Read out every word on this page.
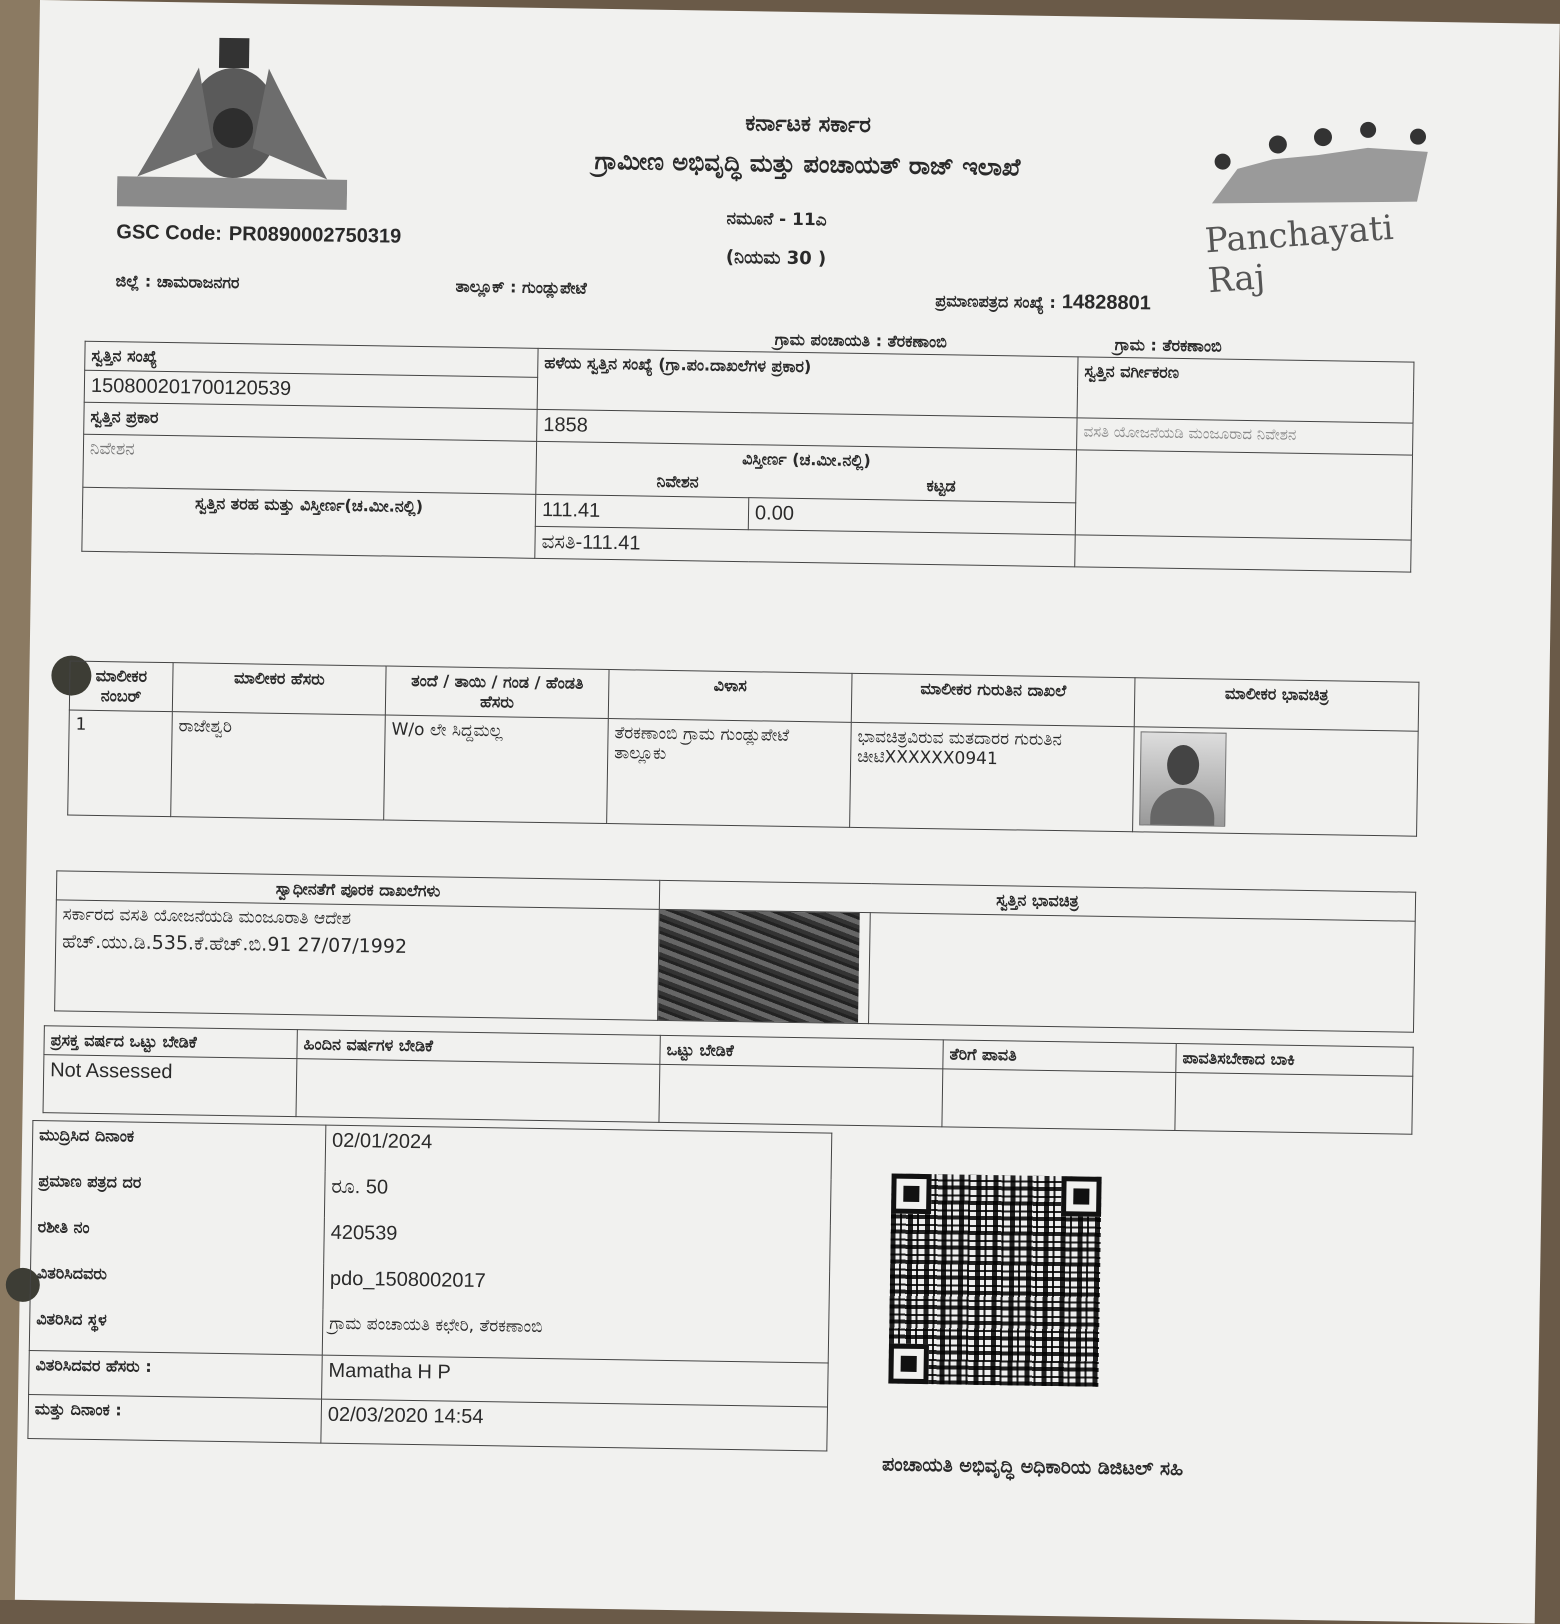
Panchayati Raj
ಕರ್ನಾಟಕ ಸರ್ಕಾರ
ಗ್ರಾಮೀಣ ಅಭಿವೃದ್ಧಿ ಮತ್ತು ಪಂಚಾಯತ್ ರಾಜ್ ಇಲಾಖೆ
ನಮೂನೆ - 11ಎ
(ನಿಯಮ 30 )
GSC Code: PR0890002750319
ಜಿಲ್ಲೆ : ಚಾಮರಾಜನಗರ	ತಾಲ್ಲೂಕ್ : ಗುಂಡ್ಲುಪೇಟೆ
ಪ್ರಮಾಣಪತ್ರದ ಸಂಖ್ಯೆ : 14828801
ಗ್ರಾಮ ಪಂಚಾಯತಿ : ತೆರಕಣಾಂಬಿ	ಗ್ರಾಮ : ತೆರಕಣಾಂಬಿ
ಸ್ವತ್ತಿನ ಸಂಖ್ಯೆ	ಹಳೆಯ ಸ್ವತ್ತಿನ ಸಂಖ್ಯೆ (ಗ್ರಾ.ಪಂ.ದಾಖಲೆಗಳ ಪ್ರಕಾರ)		ಸ್ವತ್ತಿನ ವರ್ಗೀಕರಣ
150800201700120539			
ಸ್ವತ್ತಿನ ಪ್ರಕಾರ	1858		ವಸತಿ ಯೋಜನೆಯಡಿ ಮಂಜೂರಾದ ನಿವೇಶನ
ನಿವೇಶನ	ವಿಸ್ತೀರ್ಣ (ಚ.ಮೀ.ನಲ್ಲಿ)
ನಿವೇಶನ ಕಟ್ಟಡ		

ಸ್ವತ್ತಿನ ತರಹ ಮತ್ತು ವಿಸ್ತೀರ್ಣ(ಚ.ಮೀ.ನಲ್ಲಿ)	111.41	0.00	
	ವಸತಿ-111.41		
ಮಾಲೀಕರ ನಂಬರ್	ಮಾಲೀಕರ ಹೆಸರು	ತಂದೆ / ತಾಯಿ / ಗಂಡ / ಹೆಂಡತಿ ಹೆಸರು	ವಿಳಾಸ	ಮಾಲೀಕರ ಗುರುತಿನ ದಾಖಲೆ	ಮಾಲೀಕರ ಭಾವಚಿತ್ರ
1	ರಾಜೇಶ್ವರಿ	W/o ಲೇ ಸಿದ್ದಮಲ್ಲ	ತೆರಕಣಾಂಬಿ ಗ್ರಾಮ ಗುಂಡ್ಲುಪೇಟೆ ತಾಲ್ಲೂಕು	ಭಾವಚಿತ್ರವಿರುವ ಮತದಾರರ ಗುರುತಿನ ಚೀಟಿXXXXXX0941	
ಸ್ವಾಧೀನತೆಗೆ ಪೂರಕ ದಾಖಲೆಗಳು	ಸ್ವತ್ತಿನ ಭಾವಚಿತ್ರ	

ಸರ್ಕಾರದ ವಸತಿ ಯೋಜನೆಯಡಿ ಮಂಜೂರಾತಿ ಆದೇಶ
ಹೆಚ್.ಯು.ಡಿ.535.ಕೆ.ಹೆಚ್.ಬಿ.91 27/07/1992		

ಪ್ರಸಕ್ತ ವರ್ಷದ ಒಟ್ಟು ಬೇಡಿಕೆ	ಹಿಂದಿನ ವರ್ಷಗಳ ಬೇಡಿಕೆ	ಒಟ್ಟು ಬೇಡಿಕೆ	ತೆರಿಗೆ ಪಾವತಿ	ಪಾವತಿಸಬೇಕಾದ ಬಾಕಿ
Not Assessed				
ಮುದ್ರಿಸಿದ ದಿನಾಂಕ	02/01/2024
ಪ್ರಮಾಣ ಪತ್ರದ ದರ	ರೂ. 50
ರಶೀತಿ ನಂ	420539
ವಿತರಿಸಿದವರು	pdo_1508002017
ವಿತರಿಸಿದ ಸ್ಥಳ	ಗ್ರಾಮ ಪಂಚಾಯತಿ ಕಛೇರಿ, ತೆರಕಣಾಂಬಿ
ವಿತರಿಸಿದವರ ಹೆಸರು :	Mamatha H P
ಮತ್ತು ದಿನಾಂಕ :	02/03/2020 14:54
ಪಂಚಾಯತಿ ಅಭಿವೃದ್ಧಿ ಅಧಿಕಾರಿಯ ಡಿಜಿಟಲ್ ಸಹಿ
